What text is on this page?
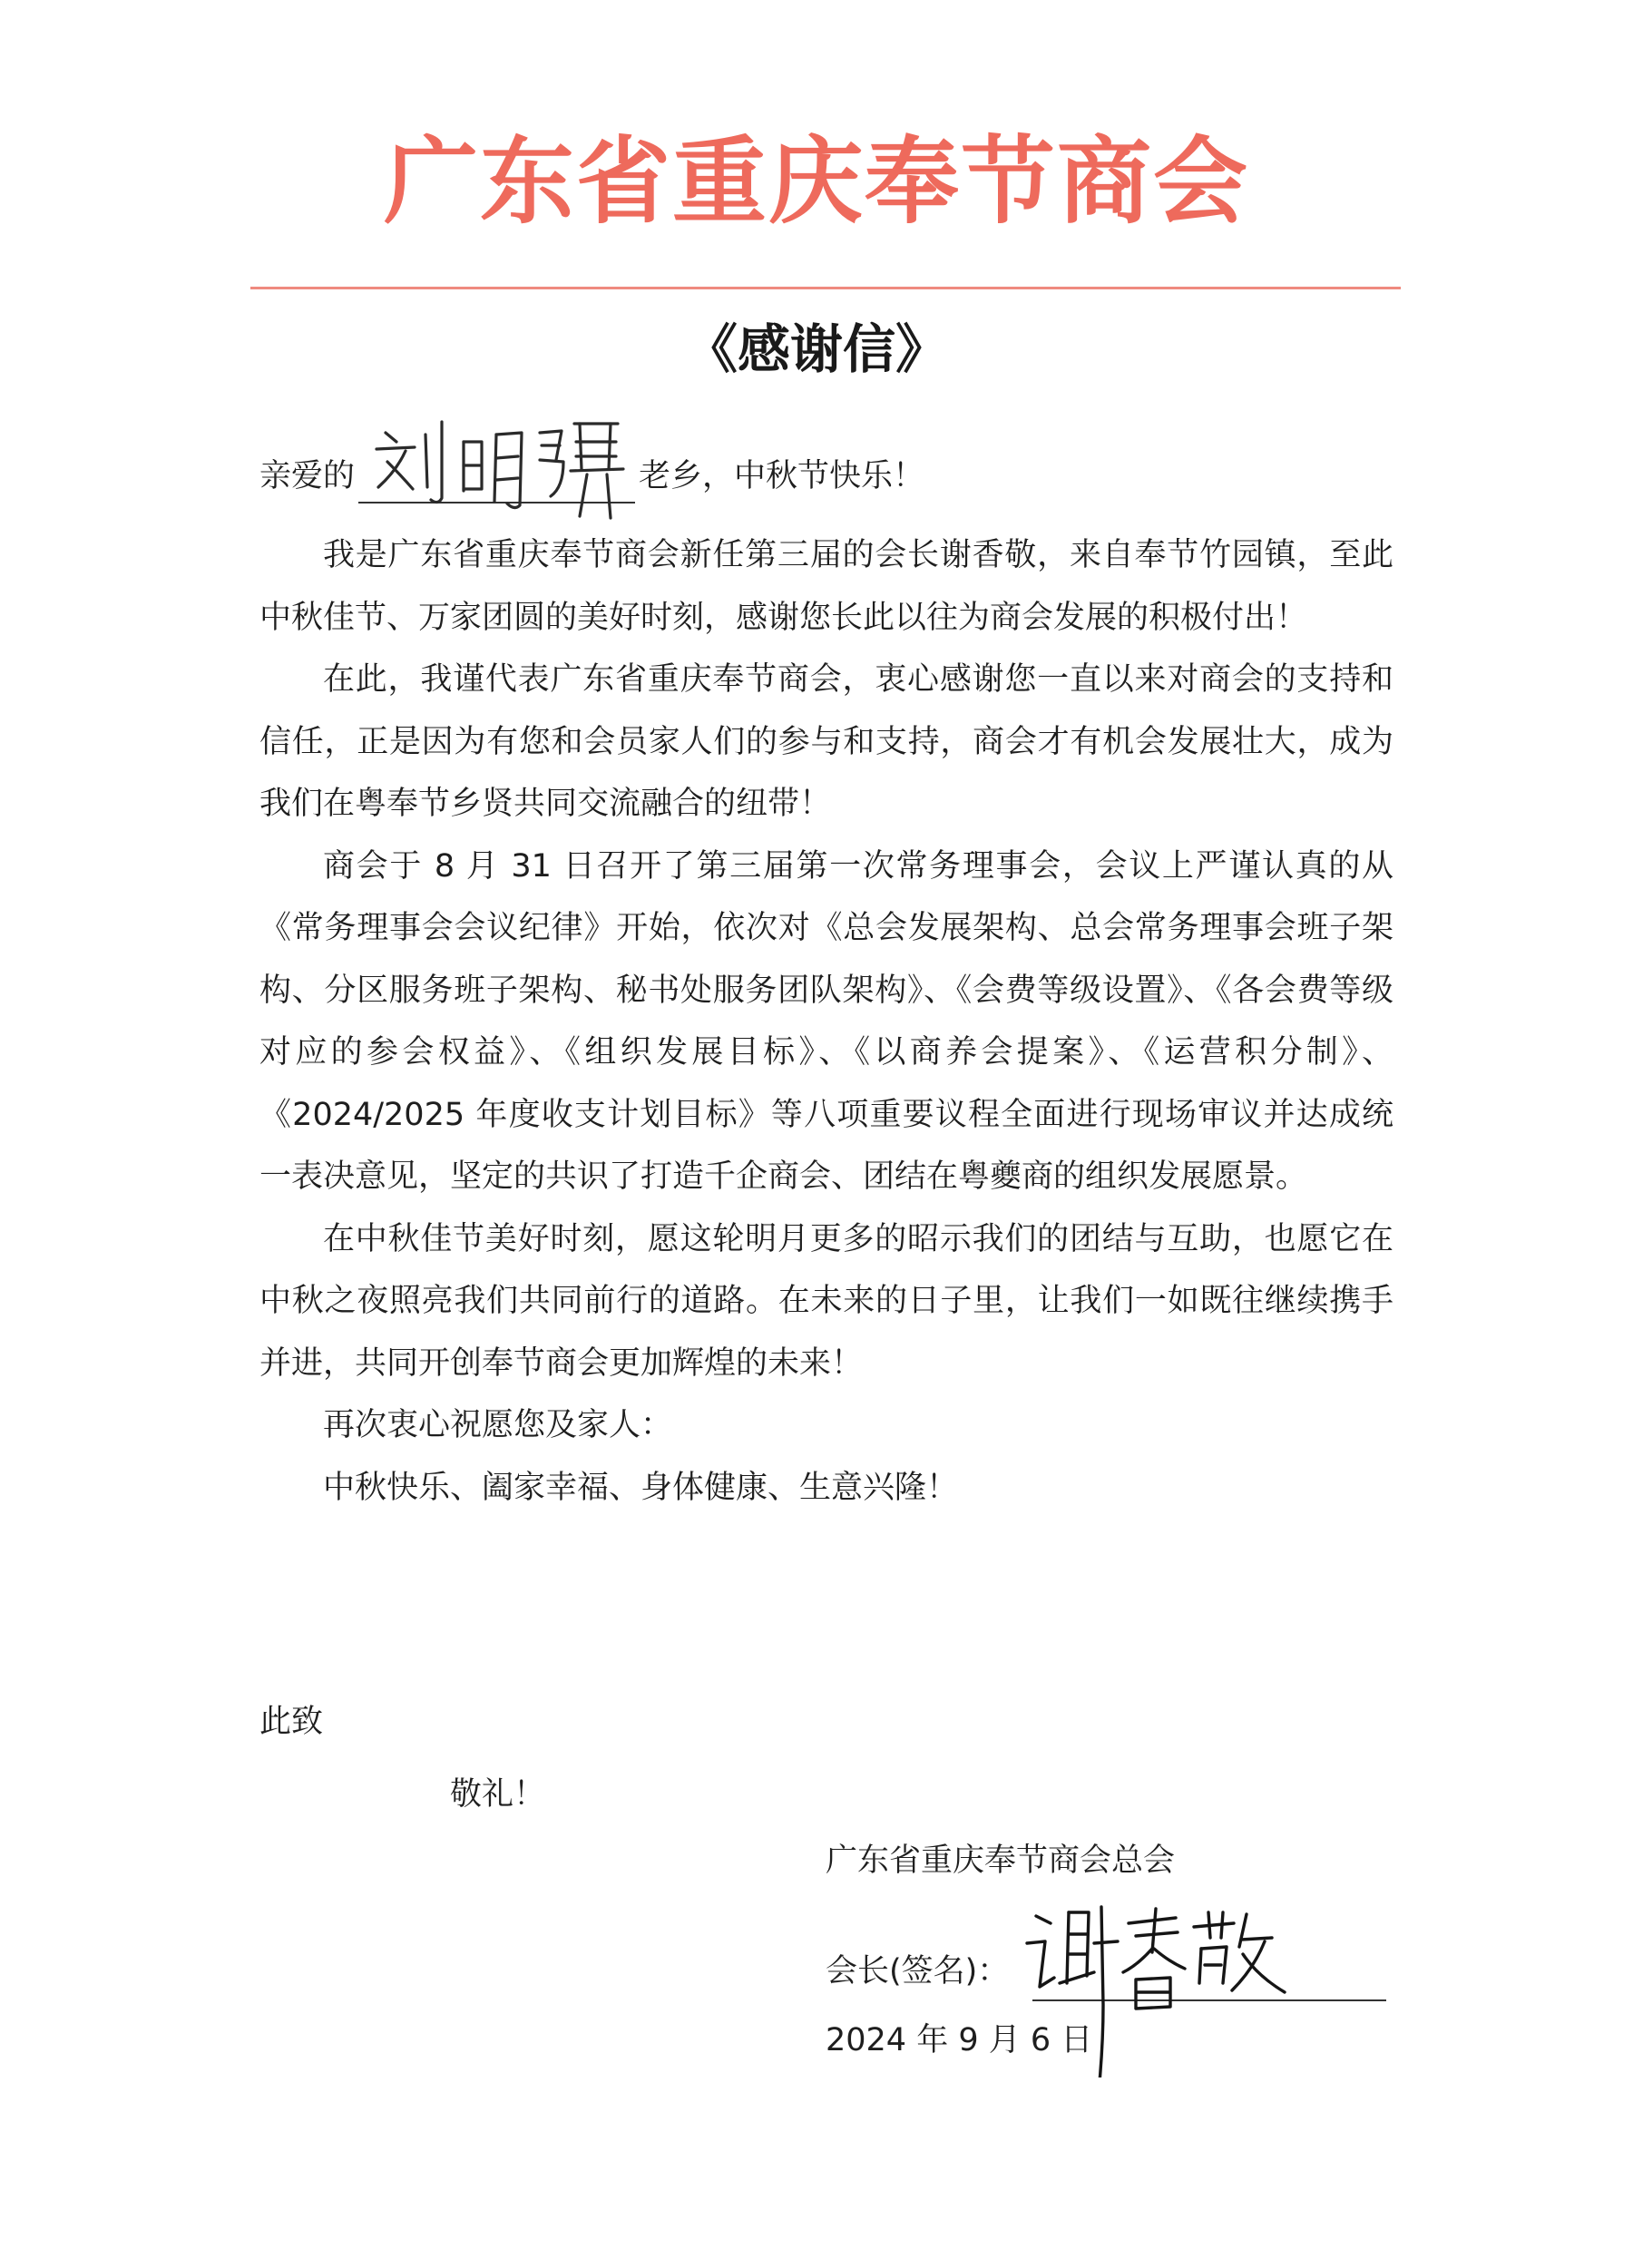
广东省重庆奉节商会
《感谢信》
亲爱的	老乡，中秋节快乐！

我是广东省重庆奉节商会新任第三届的会长谢香敬，来自奉节竹园镇，至此中秋佳节、万家团圆的美好时刻，感谢您长此以往为商会发展的积极付出！

在此，我谨代表广东省重庆奉节商会，衷心感谢您一直以来对商会的支持和信任，正是因为有您和会员家人们的参与和支持，商会才有机会发展壮大，成为我们在粤奉节乡贤共同交流融合的纽带！

商会于 8 月 31 日召开了第三届第一次常务理事会，会议上严谨认真的从《常务理事会会议纪律》开始，依次对《总会发展架构、总会常务理事会班子架构、分区服务班子架构、秘书处服务团队架构》、《会费等级设置》、《各会费等级对应的参会权益》、《组织发展目标》、《以商养会提案》、《运营积分制》、《2024/2025 年度收支计划目标》等八项重要议程全面进行现场审议并达成统一表决意见，坚定的共识了打造千企商会、团结在粤夔商的组织发展愿景。

在中秋佳节美好时刻，愿这轮明月更多的昭示我们的团结与互助，也愿它在中秋之夜照亮我们共同前行的道路。在未来的日子里，让我们一如既往继续携手并进，共同开创奉节商会更加辉煌的未来！

再次衷心祝愿您及家人：

中秋快乐、阖家幸福、身体健康、生意兴隆！

此致
敬礼！
广东省重庆奉节商会总会
会长(签名)：
2024 年 9 月 6 日
